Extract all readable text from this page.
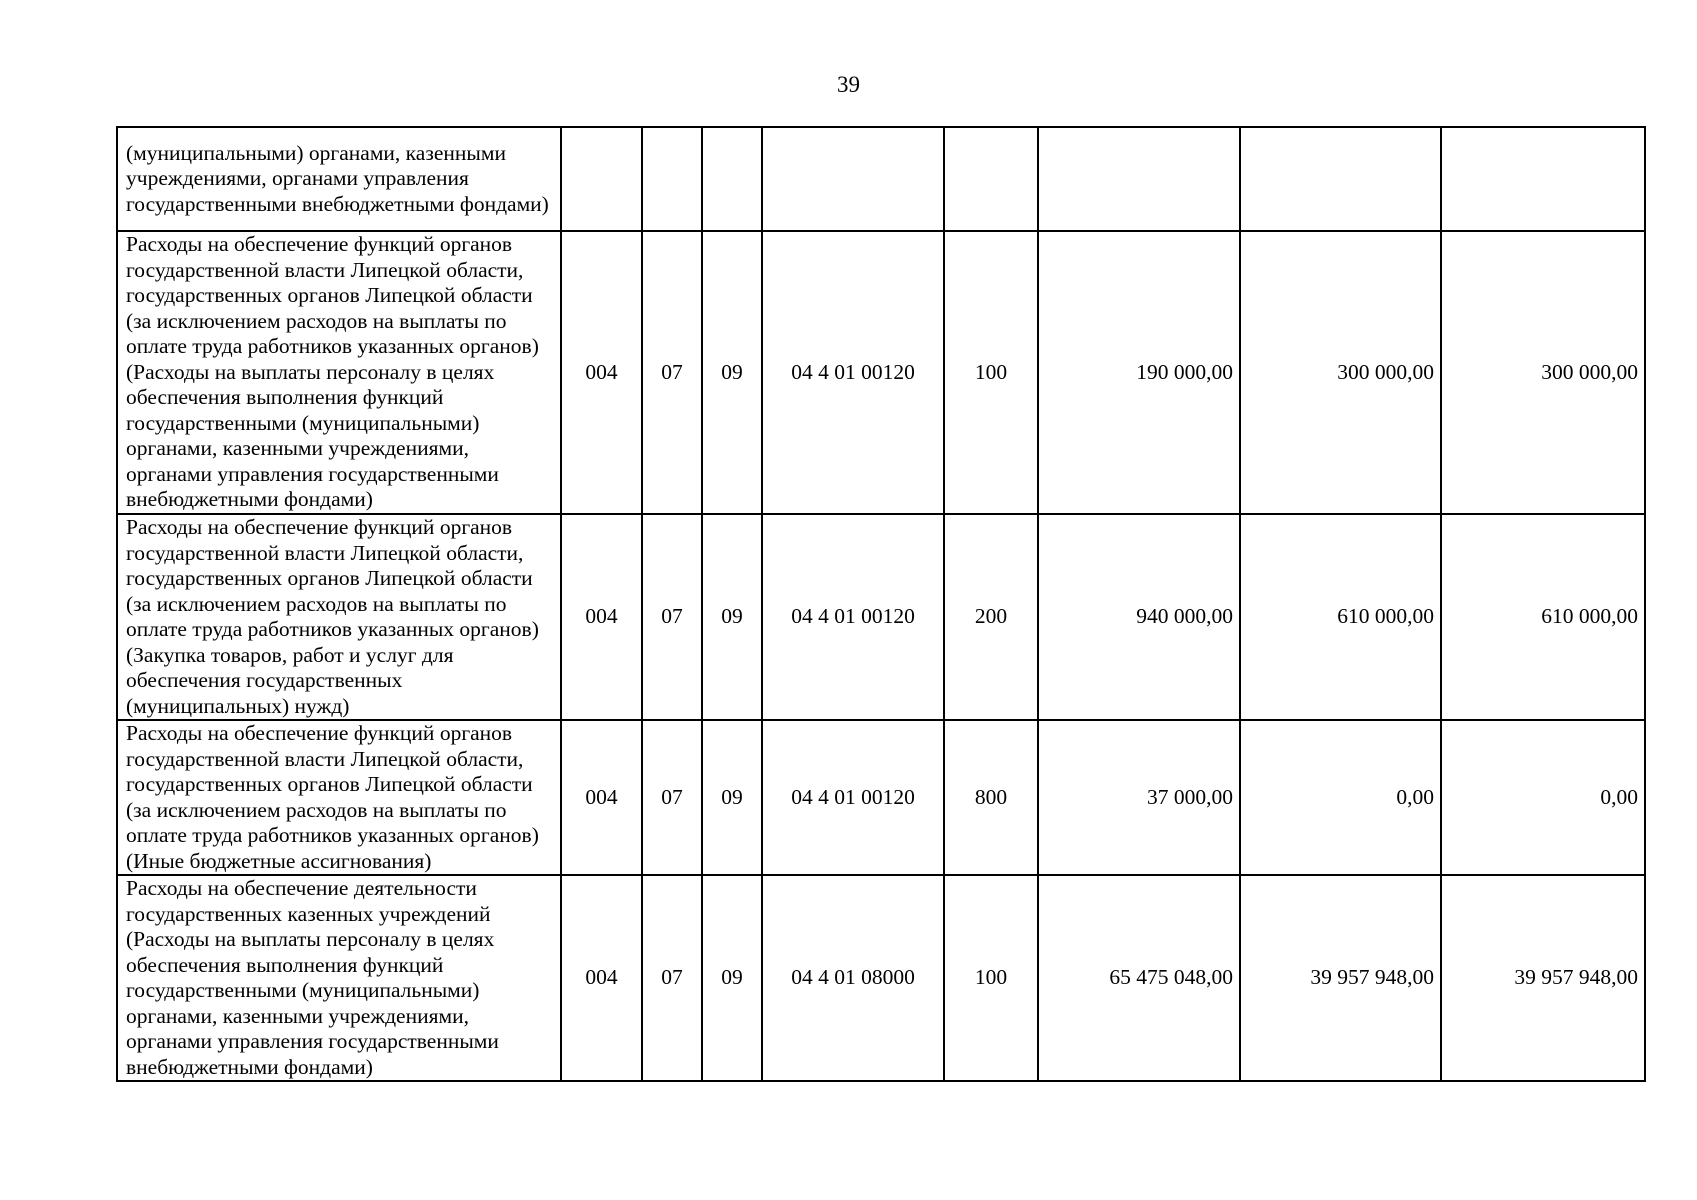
39
(муниципальными) органами, казенными учреждениями, органами управления государственными внебюджетными фондами)								
Расходы на обеспечение функций органов государственной власти Липецкой области, государственных органов Липецкой области (за исключением расходов на выплаты по оплате труда работников указанных органов) (Расходы на выплаты персоналу в целях обеспечения выполнения функций государственными (муниципальными) органами, казенными учреждениями, органами управления государственными внебюджетными фондами)	004	07	09	04 4 01 00120	100	190 000,00	300 000,00	300 000,00
Расходы на обеспечение функций органов государственной власти Липецкой области, государственных органов Липецкой области (за исключением расходов на выплаты по оплате труда работников указанных органов) (Закупка товаров, работ и услуг для обеспечения государственных (муниципальных) нужд)	004	07	09	04 4 01 00120	200	940 000,00	610 000,00	610 000,00
Расходы на обеспечение функций органов государственной власти Липецкой области, государственных органов Липецкой области (за исключением расходов на выплаты по оплате труда работников указанных органов) (Иные бюджетные ассигнования)	004	07	09	04 4 01 00120	800	37 000,00	0,00	0,00
Расходы на обеспечение деятельности государственных казенных учреждений (Расходы на выплаты персоналу в целях обеспечения выполнения функций государственными (муниципальными) органами, казенными учреждениями, органами управления государственными внебюджетными фондами)	004	07	09	04 4 01 08000	100	65 475 048,00	39 957 948,00	39 957 948,00
